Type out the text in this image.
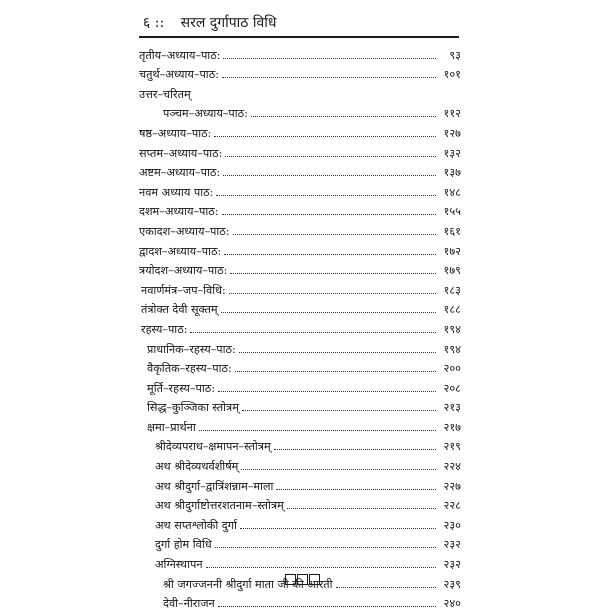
६ :: सरल दुर्गापाठ विधि
तृतीय–अध्याय–पाठ:	९३
चतुर्थ–अध्याय–पाठ:	१०१
उत्तर–चरितम्
पञ्चम–अध्याय–पाठ:	११२
षष्ठ–अध्याय–पाठ:	१२७
सप्तम–अध्याय–पाठ:	१३२
अष्टम–अध्याय–पाठ:	१३७
नवम अध्याय पाठ:	१४८
दशम–अध्याय–पाठ:	१५५
एकादश–अध्याय–पाठ:	१६१
द्वादश–अध्याय–पाठ:	१७२
त्रयोदश–अध्याय–पाठ:	१७९
नवार्णमंत्र–जप–विधि:	१८३
तंत्रोक्त देवी सूक्तम्	१८८
रहस्य–पाठ:	१९४
प्राधानिक–रहस्य–पाठ:	१९४
वैकृतिक–रहस्य–पाठ:	२००
मूर्ति–रहस्य–पाठ:	२०८
सिद्ध–कुञ्जिका स्तोत्रम्	२१३
क्षमा–प्रार्थना	२१७
श्रीदेव्यपराध–क्षमापन–स्तोत्रम्	२१९
अथ श्रीदेव्यथर्वशीर्षम्	२२४
अथ श्रीदुर्गा–द्वात्रिंशन्नाम–माला	२२७
अथ श्रीदुर्गाष्टोत्तरशतनाम–स्तोत्रम्	२२८
अथ सप्तश्लोकी दुर्गा	२३०
दुर्गा होम विधि	२३२
अग्निस्थापन	२३२
श्री जगज्जननी श्रीदुर्गा माता जी की आरती	२३९
देवी–नीराजन	२४०
